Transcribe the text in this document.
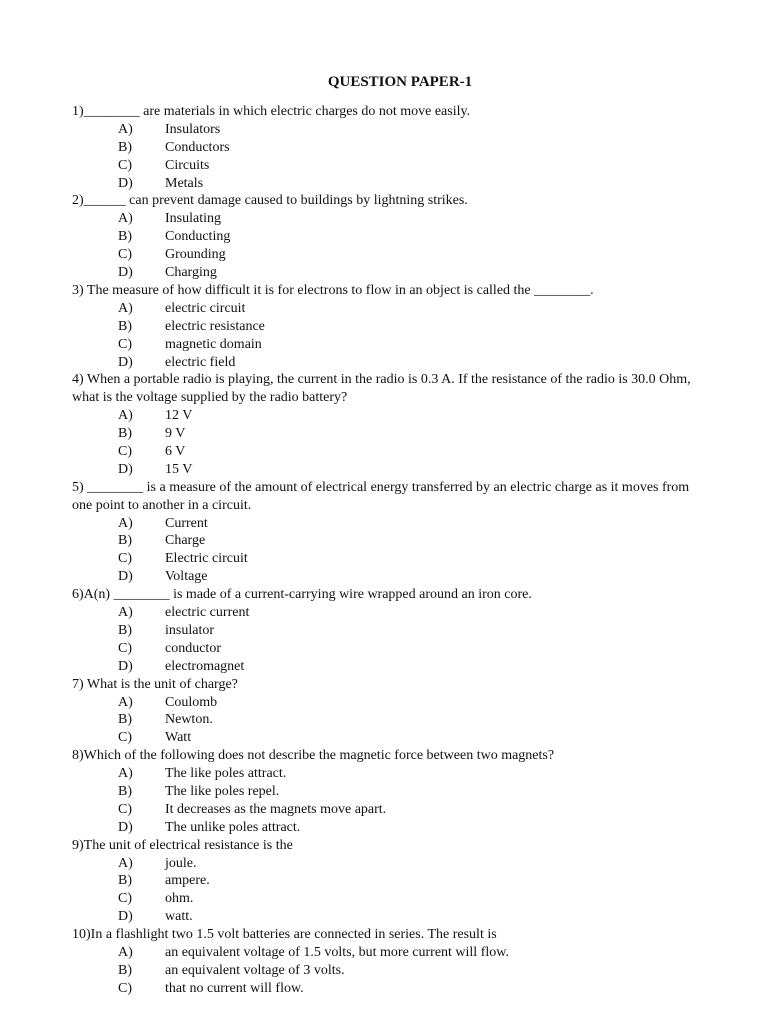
QUESTION PAPER-1
1)________ are materials in which electric charges do not move easily.
A)	Insulators
B)	Conductors
C)	Circuits
D)	Metals
2)______ can prevent damage caused to buildings by lightning strikes.
A)	Insulating
B)	Conducting
C)	Grounding
D)	Charging
3) The measure of how difficult it is for electrons to flow in an object is called the ________.
A)	electric circuit
B)	electric resistance
C)	magnetic domain
D)	electric field
4) When a portable radio is playing, the current in the radio is 0.3 A. If the resistance of the radio is 30.0 Ohm, what is the voltage supplied by the radio battery?
A)	12 V
B)	9 V
C)	6 V
D)	15 V
5) ________ is a measure of the amount of electrical energy transferred by an electric charge as it moves from one point to another in a circuit.
A)	Current
B)	Charge
C)	Electric circuit
D)	Voltage
6)A(n) ________ is made of a current-carrying wire wrapped around an iron core.
A)	electric current
B)	insulator
C)	conductor
D)	electromagnet
7) What is the unit of charge?
A)	Coulomb
B)	Newton.
C)	Watt
8)Which of the following does not describe the magnetic force between two magnets?
A)	The like poles attract.
B)	The like poles repel.
C)	It decreases as the magnets move apart.
D)	The unlike poles attract.
9)The unit of electrical resistance is the
A)	joule.
B)	ampere.
C)	ohm.
D)	watt.
10)In a flashlight two 1.5 volt batteries are connected in series. The result is
A)	an equivalent voltage of 1.5 volts, but more current will flow.
B)	an equivalent voltage of 3 volts.
C)	that no current will flow.
